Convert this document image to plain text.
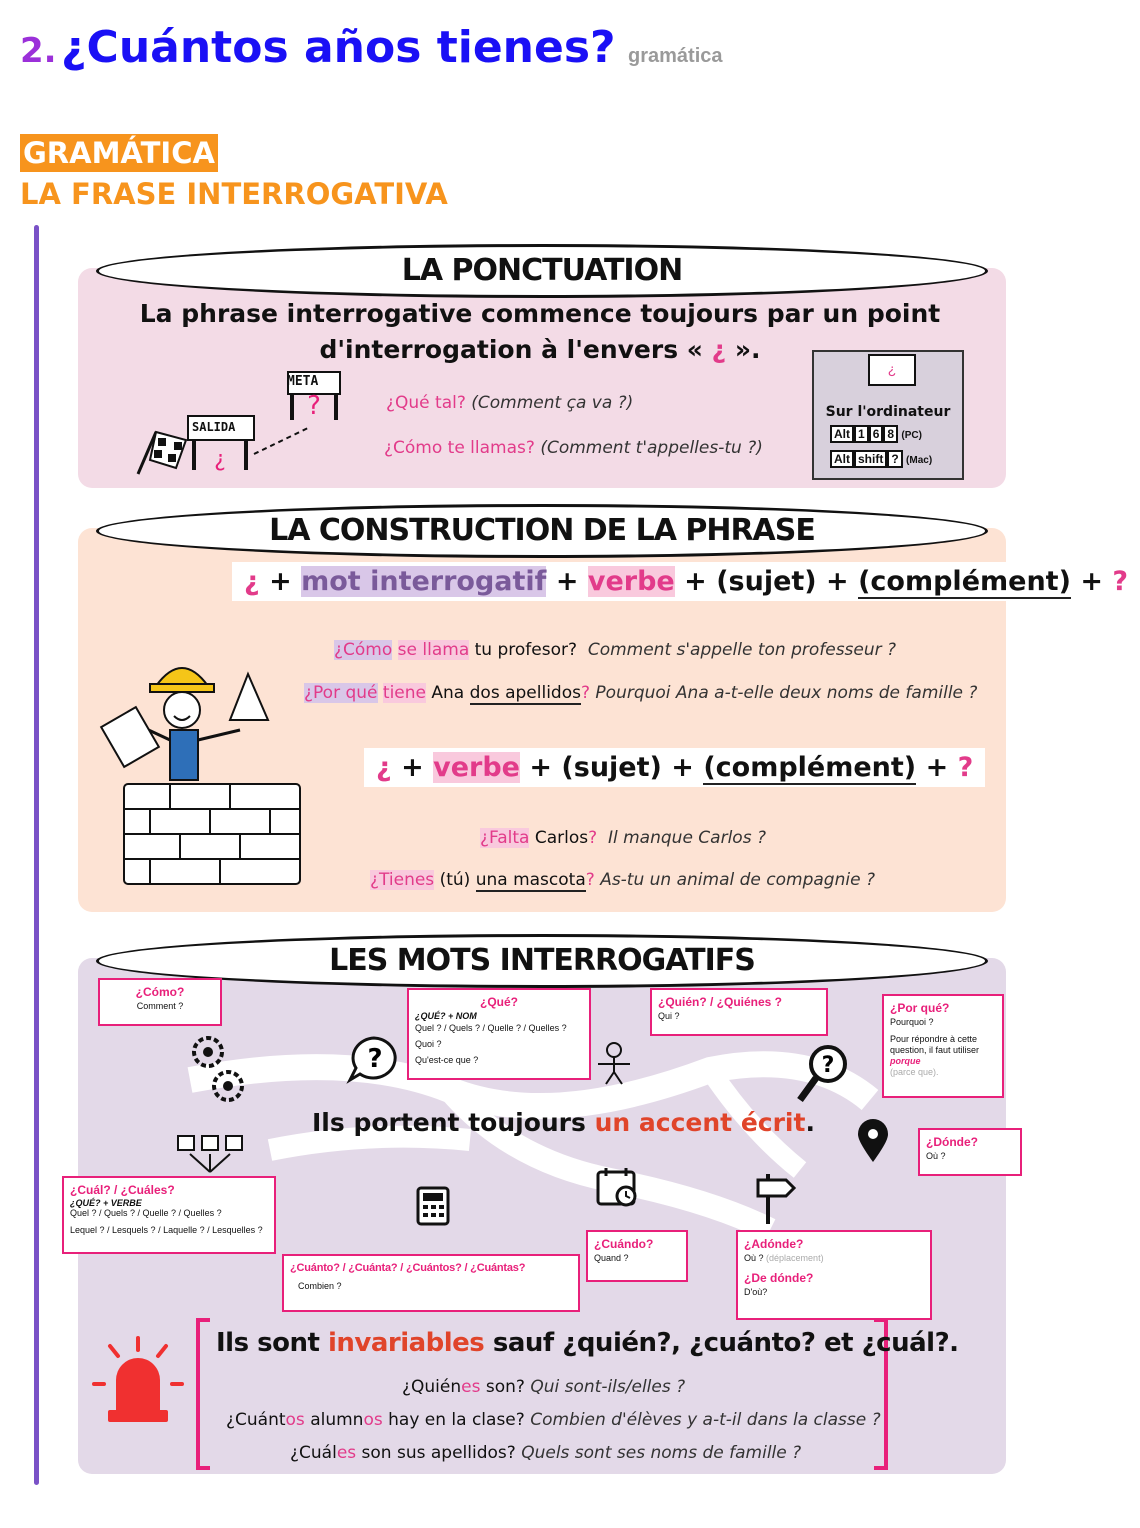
2. ¿Cuántos años tienes? gramática
GRAMÁTICA
LA FRASE INTERROGATIVA
LA PONCTUATION
La phrase interrogative commence toujours par un point
d'interrogation à l'envers « ¿ ».
?
¿
META
SALIDA
¿Qué tal? (Comment ça va ?)
¿Cómo te llamas? (Comment t'appelles-tu ?)
¿
Sur l'ordinateur
Alt 1 6 8 (PC)
Alt shift ? (Mac)
LA CONSTRUCTION DE LA PHRASE
¿ + mot interrogatif + verbe + (sujet) + (complément) + ?
¿Cómo se llama tu profesor? Comment s'appelle ton professeur ?
¿Por qué tiene Ana dos apellidos? Pourquoi Ana a-t-elle deux noms de famille ?
¿ + verbe + (sujet) + (complément) + ?
¿Falta Carlos? Il manque Carlos ?
¿Tienes (tú) una mascota? As-tu un animal de compagnie ?
LES MOTS INTERROGATIFS
Ils portent toujours un accent écrit.
?	?
¿Cómo?
Comment ?	¿Qué?
¿QUÉ? + NOM
Quel ? / Quels ? / Quelle ? / Quelles ?
Quoi ?
Qu'est-ce que ?
¿Quién? / ¿Quiénes ?
Qui ?
¿Por qué?
Pourquoi ?
Pour répondre à cette question, il faut utiliser porque
(parce que).
¿Dónde?
Où ?
¿Cuál? / ¿Cuáles?
¿QUÉ? + VERBE
Quel ? / Quels ? / Quelle ? / Quelles ?
Lequel ? / Lesquels ? / Laquelle ? / Lesquelles ?
¿Cuánto? / ¿Cuánta? / ¿Cuántos? / ¿Cuántas?
Combien ?
¿Cuándo?
Quand ?
¿Adónde?
Où ? (déplacement)
¿De dónde?
D'où?
Ils sont invariables sauf ¿quién?, ¿cuánto? et ¿cuál?.
¿Quiénes son? Qui sont-ils/elles ?
¿Cuántos alumnos hay en la clase? Combien d'élèves y a-t-il dans la classe ?
¿Cuáles son sus apellidos? Quels sont ses noms de famille ?
